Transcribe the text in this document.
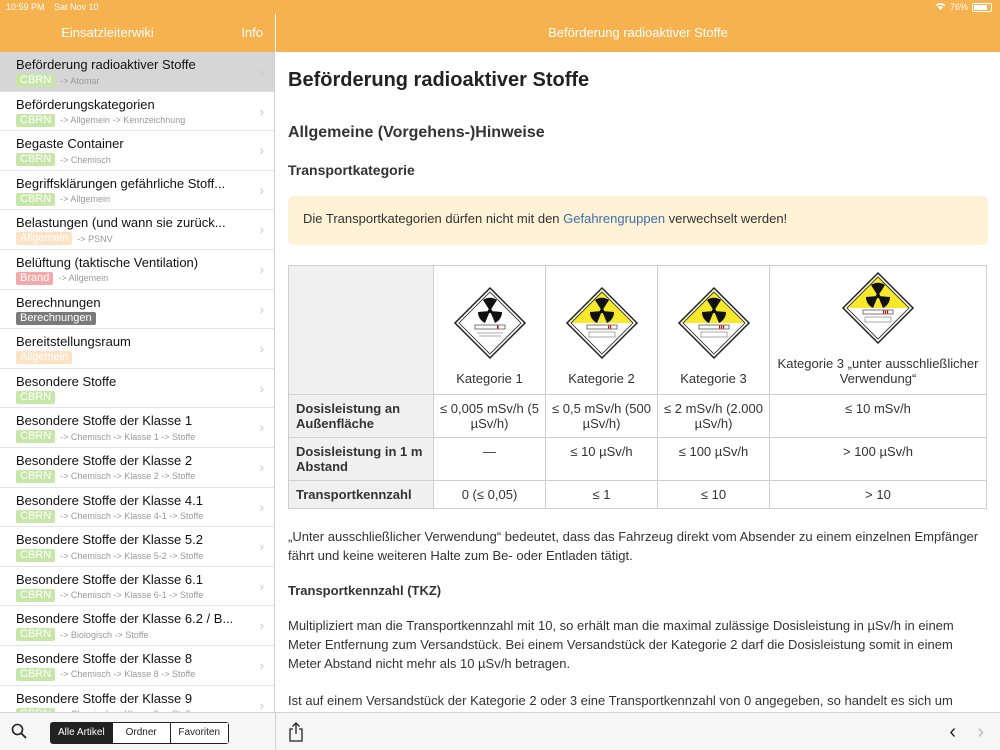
10:59 PM Sat Nov 10	76%
Einsatzleiterwiki	Info	Beförderung radioaktiver Stoffe
Beförderung radioaktiver Stoffe
CBRN	-> Atomar
›
Beförderungskategorien
CBRN	-> Allgemein -> Kennzeichnung
›
Begaste Container
CBRN	-> Chemisch
›
Begriffsklärungen gefährliche Stoff...
CBRN	-> Allgemein
›
Belastungen (und wann sie zurück...
Allgemein	-> PSNV
›
Belüftung (taktische Ventilation)
Brand	-> Allgemein
›
Berechnungen
Berechnungen
›
Bereitstellungsraum
Allgemein
›
Besondere Stoffe
CBRN
›
Besondere Stoffe der Klasse 1
CBRN	-> Chemisch -> Klasse 1 -> Stoffe
›
Besondere Stoffe der Klasse 2
CBRN	-> Chemisch -> Klasse 2 -> Stoffe
›
Besondere Stoffe der Klasse 4.1
CBRN	-> Chemisch -> Klasse 4-1 -> Stoffe
›
Besondere Stoffe der Klasse 5.2
CBRN	-> Chemisch -> Klasse 5-2 -> Stoffe
›
Besondere Stoffe der Klasse 6.1
CBRN	-> Chemisch -> Klasse 6-1 -> Stoffe
›
Besondere Stoffe der Klasse 6.2 / B...
CBRN	-> Biologisch -> Stoffe
›
Besondere Stoffe der Klasse 8
CBRN	-> Chemisch -> Klasse 8 -> Stoffe
›
Besondere Stoffe der Klasse 9	›
Alle Artikel	Ordner	Favoriten
Beförderung radioaktiver Stoffe
Allgemeine (Vorgehens-)Hinweise
Transportkategorie
Die Transportkategorien dürfen nicht mit den Gefahrengruppen verwechselt werden!

Kategorie 1	Kategorie 2	Kategorie 3	Kategorie 3 „unter ausschließlicher Verwendung“
Dosisleistung an Außenfläche	≤ 0,005 mSv/h (5 µSv/h)	≤ 0,5 mSv/h (500 µSv/h)	≤ 2 mSv/h (2.000 µSv/h)	≤ 10 mSv/h
Dosisleistung in 1 m Abstand	—	≤ 10 µSv/h	≤ 100 µSv/h	> 100 µSv/h
Transportkennzahl	0 (≤ 0,05)	≤ 1	≤ 10	> 10

„Unter ausschließlicher Verwendung“ bedeutet, dass das Fahrzeug direkt vom Absender zu einem einzelnen Empfänger fährt und keine weiteren Halte zum Be- oder Entladen tätigt.

Transportkennzahl (TKZ)

Multipliziert man die Transportkennzahl mit 10, so erhält man die maximal zulässige Dosisleistung in µSv/h in einem Meter Entfernung zum Versandstück. Bei einem Versandstück der Kategorie 2 darf die Dosisleistung somit in einem Meter Abstand nicht mehr als 10 µSv/h betragen.

Ist auf einem Versandstück der Kategorie 2 oder 3 eine Transportkennzahl von 0 angegeben, so handelt es sich um

‹ ›
